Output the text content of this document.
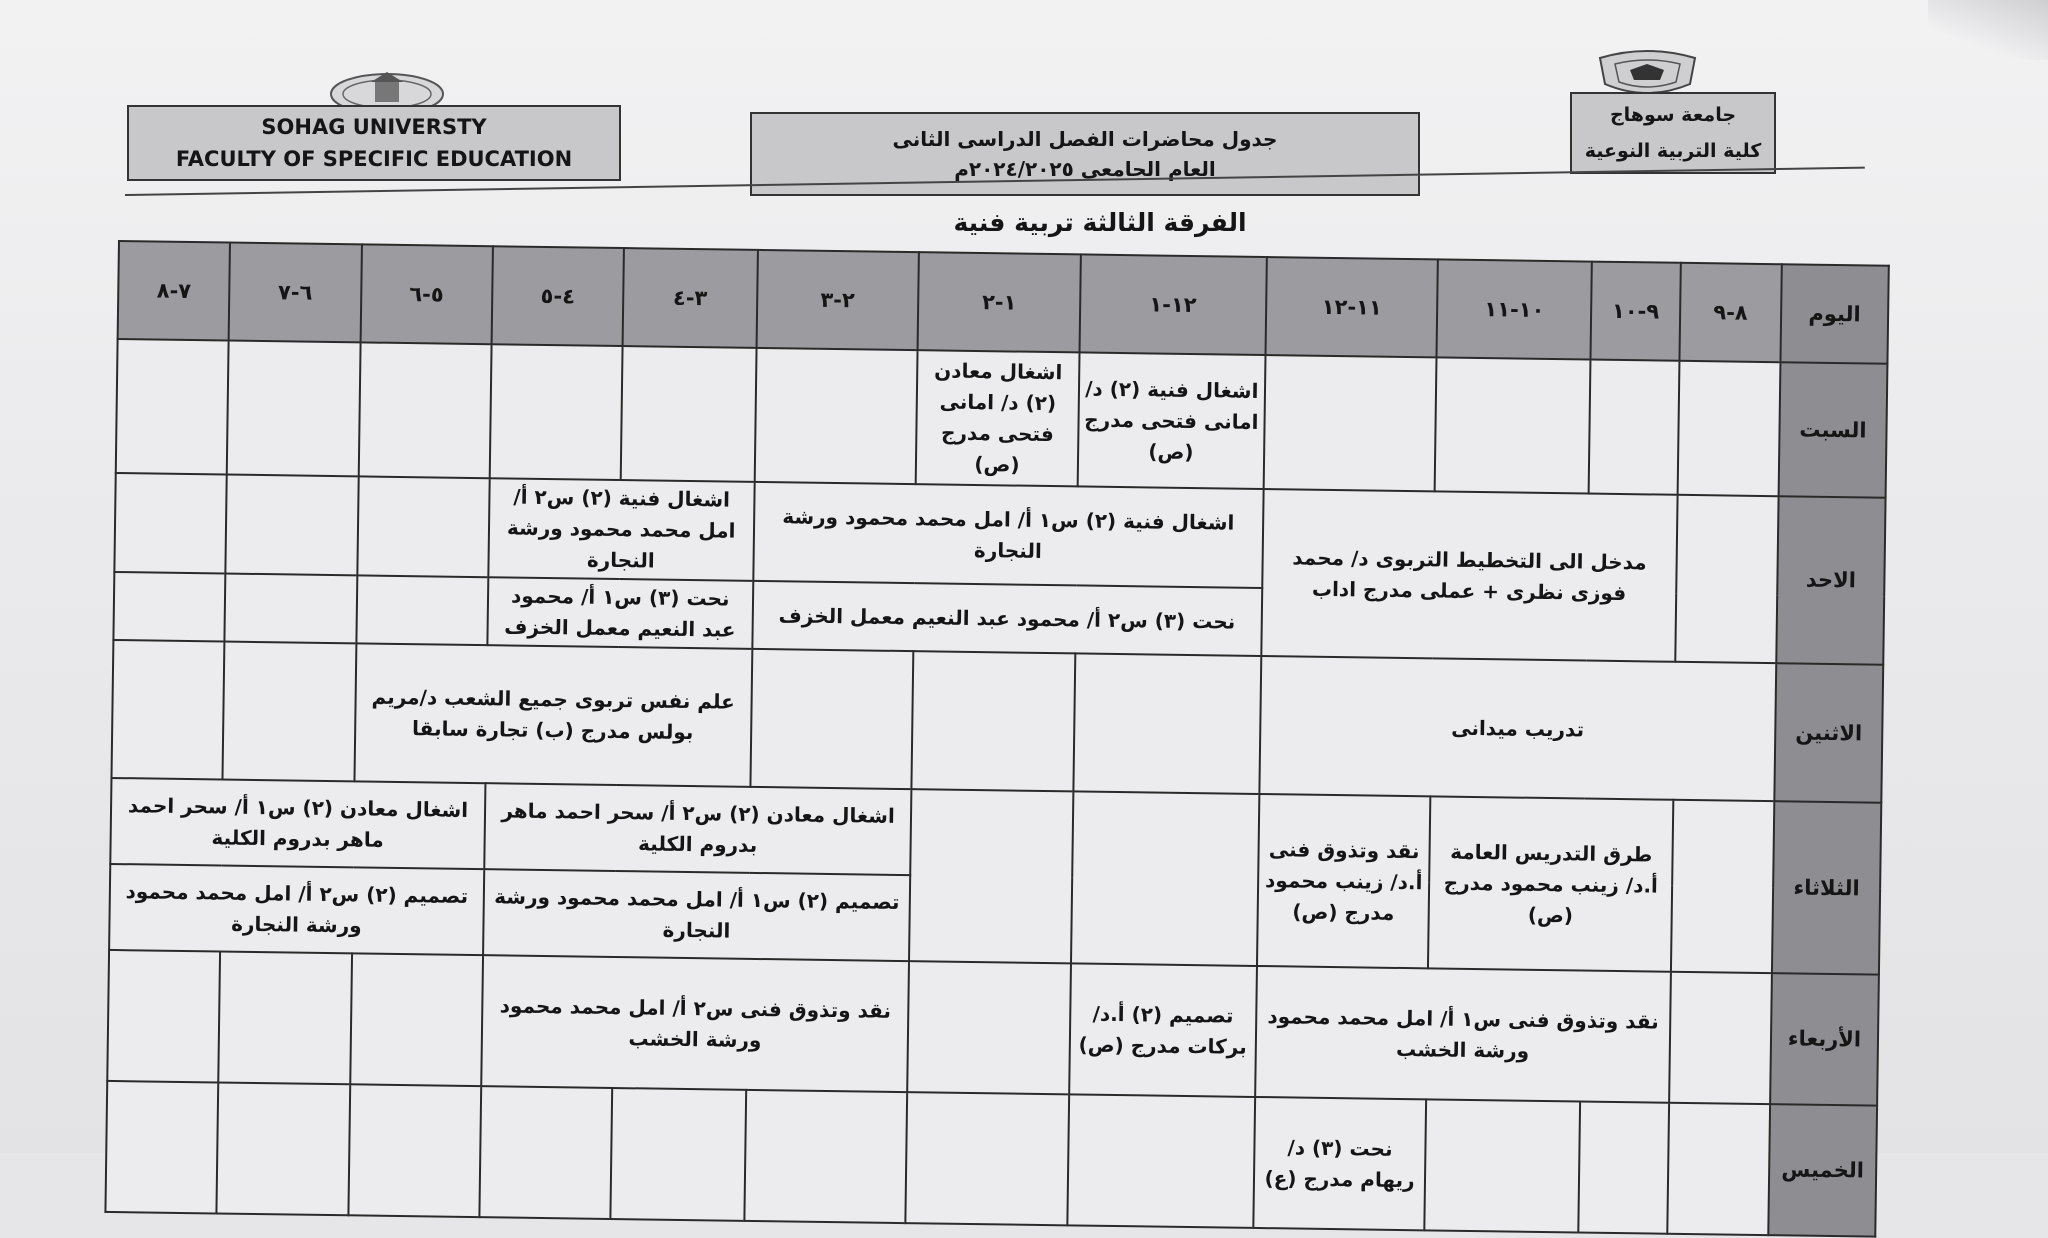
SOHAG UNIVERSTY
FACULTY OF SPECIFIC EDUCATION
جدول محاضرات الفصل الدراسى الثانى
العام الجامعى ٢٠٢٤/٢٠٢٥م
جامعة سوهاج
كلية التربية النوعية
الفرقة الثالثة تربية فنية
اليوم	٨-٩	٩-١٠	١٠-١١	١١-١٢	١٢-١	١-٢	٢-٣	٣-٤	٤-٥	٥-٦	٦-٧	٧-٨
السبت					اشغال فنية (٢) د/ امانى فتحى مدرج (ص)	اشغال معادن (٢) د/ امانى فتحى مدرج (ص)						
الاحد		مدخل الى التخطيط التربوى د/ محمد فوزى نظرى + عملى مدرج اداب			اشغال فنية (٢) س١ أ/ امل محمد محمود ورشة النجارة			اشغال فنية (٢) س٢ أ/ امل محمد محمود ورشة النجارة				
					نحت (٣) س٢ أ/ محمود عبد النعيم معمل الخزف			نحت (٣) س١ أ/ محمود عبد النعيم معمل الخزف				
الاثنين	تدريب ميدانى							علم نفس تربوى جميع الشعب د/مريم بولس مدرج (ب) تجارة سابقا				
الثلاثاء		طرق التدريس العامة أ.د/ زينب محمود مدرج (ص)		نقد وتذوق فنى أ.د/ زينب محمود مدرج (ص)			اشغال معادن (٢) س٢ أ/ سحر احمد ماهر بدروم الكلية			اشغال معادن (٢) س١ أ/ سحر احمد ماهر بدروم الكلية		
							تصميم (٢) س١ أ/ امل محمد محمود ورشة النجارة			تصميم (٢) س٢ أ/ امل محمد محمود ورشة النجارة		
الأربعاء		نقد وتذوق فنى س١ أ/ امل محمد محمود ورشة الخشب			تصميم (٢) أ.د/ بركات مدرج (ص)		نقد وتذوق فنى س٢ أ/ امل محمد محمود ورشة الخشب					
الخميس				نحت (٣) د/ ريهام مدرج (ع)								
